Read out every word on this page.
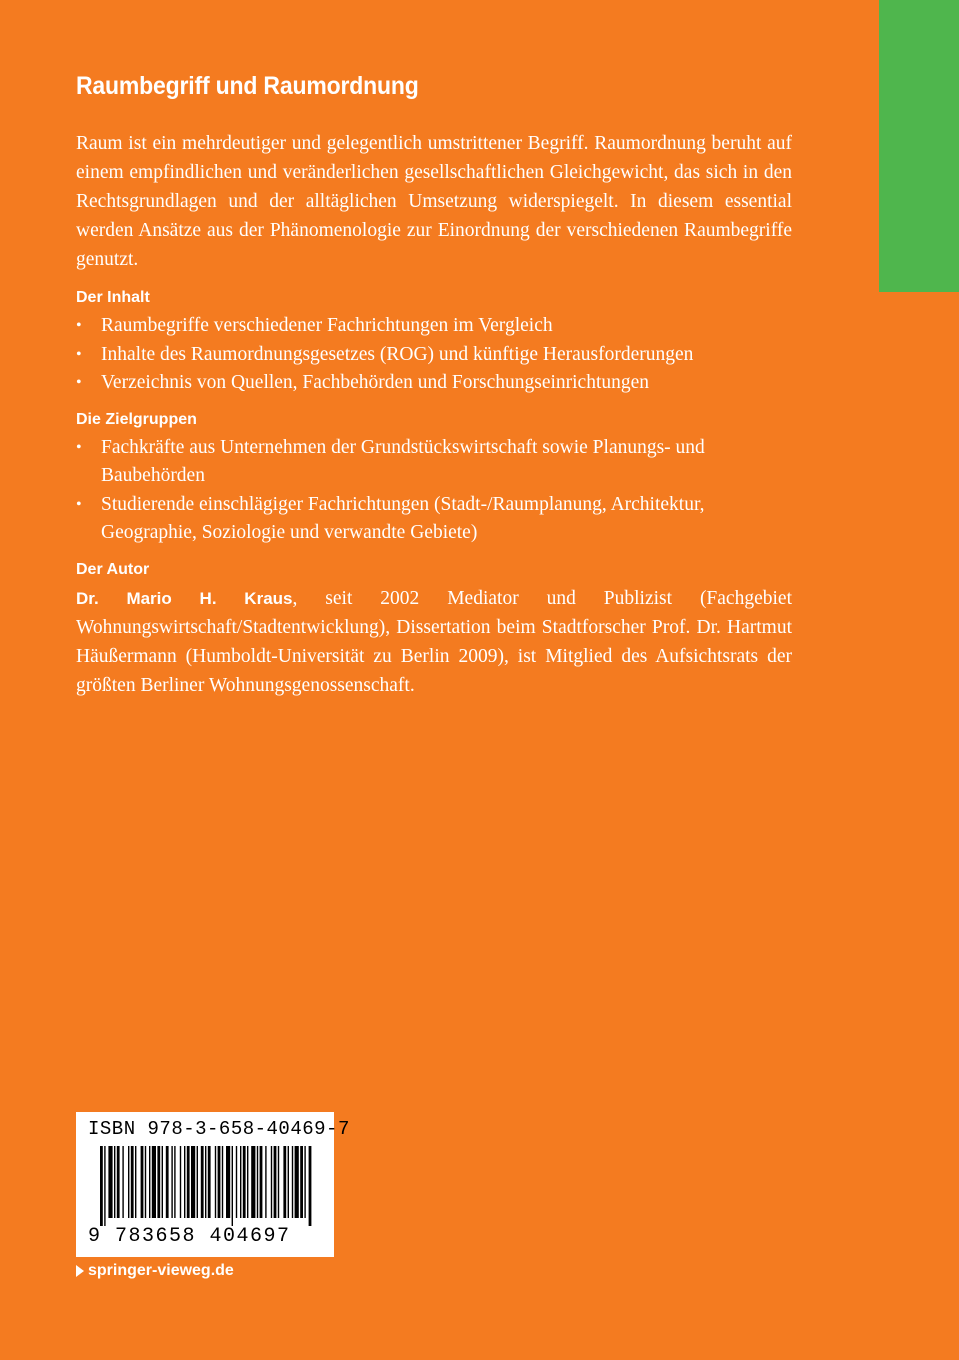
Raumbegriff und Raumordnung

Raum ist ein mehrdeutiger und gelegentlich umstrittener Begriff. Raumordnung beruht auf einem empfindlichen und veränderlichen gesellschaftlichen Gleichgewicht, das sich in den Rechtsgrundlagen und der alltäglichen Umsetzung widerspiegelt. In diesem essential werden Ansätze aus der Phänomenologie zur Einordnung der verschiedenen Raumbegriffe genutzt.

Der Inhalt
• Raumbegriffe verschiedener Fachrichtungen im Vergleich
• Inhalte des Raumordnungsgesetzes (ROG) und künftige Herausforderungen
• Verzeichnis von Quellen, Fachbehörden und Forschungseinrichtungen
Die Zielgruppen
• Fachkräfte aus Unternehmen der Grundstückswirtschaft sowie Planungs- und Baubehörden
• Studierende einschlägiger Fachrichtungen (Stadt-/Raumplanung, Architektur, Geographie, Soziologie und verwandte Gebiete)
Der Autor

Dr. Mario H. Kraus, seit 2002 Mediator und Publizist (Fachgebiet Wohnungswirtschaft/Stadtentwicklung), Dissertation beim Stadtforscher Prof. Dr. Hartmut Häußermann (Humboldt-Universität zu Berlin 2009), ist Mitglied des Aufsichtsrats der größten Berliner Wohnungsgenossenschaft.

ISBN 978-3-658-40469-7
9 783658 404697
springer-vieweg.de
